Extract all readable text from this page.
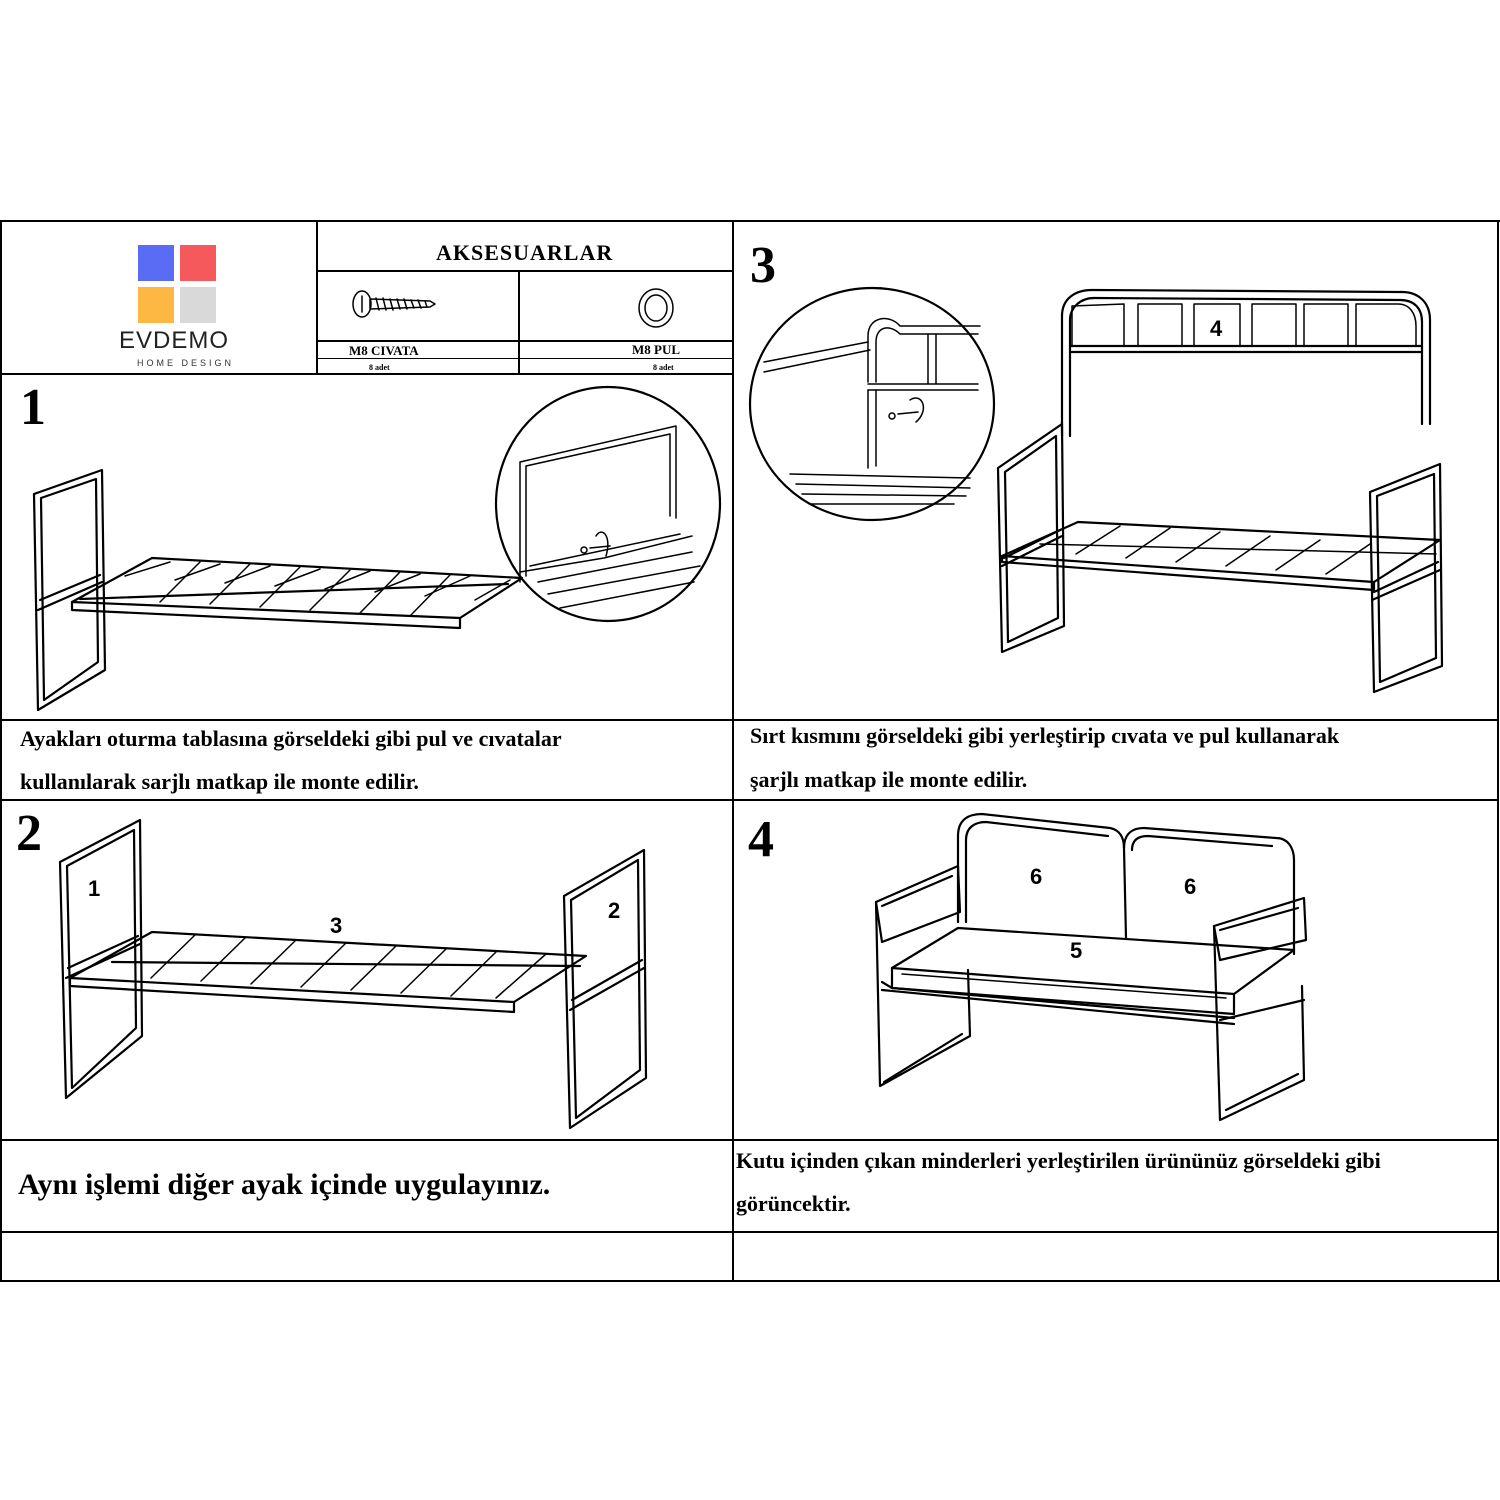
EVDEMO
HOME DESIGN
AKSESUARLAR
M8 CIVATA	M8 PUL
8 adet	8 adet
1
Ayakları oturma tablasına görseldeki gibi pul ve cıvatalar
kullanılarak sarjlı matkap ile monte edilir.
2
1
3
2
Aynı işlemi diğer ayak içinde uygulayınız.
3
4
Sırt kısmını görseldeki gibi yerleştirip cıvata ve pul kullanarak
şarjlı matkap ile monte edilir.
4
6	6
5
Kutu içinden çıkan minderleri yerleştirilen ürününüz görseldeki gibi
görüncektir.
